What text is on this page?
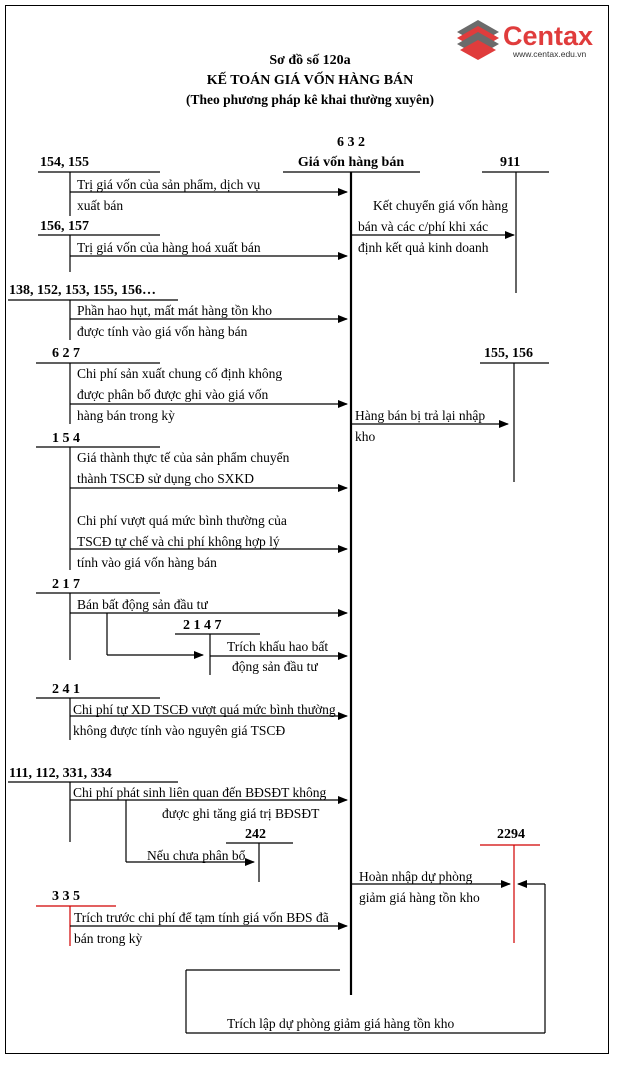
Centax
www.centax.edu.vn
Sơ đồ số 120a
KẾ TOÁN GIÁ VỐN HÀNG BÁN
(Theo phương pháp kê khai thường xuyên)
6 3 2
Giá vốn hàng bán
154, 155
Trị giá vốn của sản phẩm, dịch vụ
xuất bán
156, 157
Trị giá vốn của hàng hoá xuất bán
138, 152, 153, 155, 156…
Phần hao hụt, mất mát hàng tồn kho
được tính vào giá vốn hàng bán
6 2 7
Chi phí sản xuất chung cố định không
được phân bổ được ghi vào giá vốn
hàng bán trong kỳ
1 5 4
Giá thành thực tế của sản phẩm chuyển
thành TSCĐ sử dụng cho SXKD
Chi phí vượt quá mức bình thường của
TSCĐ tự chế và chi phí không hợp lý
tính vào giá vốn hàng bán
2 1 7
Bán bất động sản đầu tư
2 1 4 7
Trích khấu hao bất
động sản đầu tư
2 4 1
Chi phí tự XD TSCĐ vượt quá mức bình thường
không được tính vào nguyên giá TSCĐ
111, 112, 331, 334
Chi phí phát sinh liên quan đến BĐSĐT không
được ghi tăng giá trị BĐSĐT
242
Nếu chưa phân bổ
3 3 5
Trích trước chi phí để tạm tính giá vốn BĐS đã
bán trong kỳ
911
Kết chuyển giá vốn hàng
bán và các c/phí khi xác
định kết quả kinh doanh
155, 156
Hàng bán bị trả lại nhập
kho
2294
Hoàn nhập dự phòng
giảm giá hàng tồn kho
Trích lập dự phòng giảm giá hàng tồn kho
